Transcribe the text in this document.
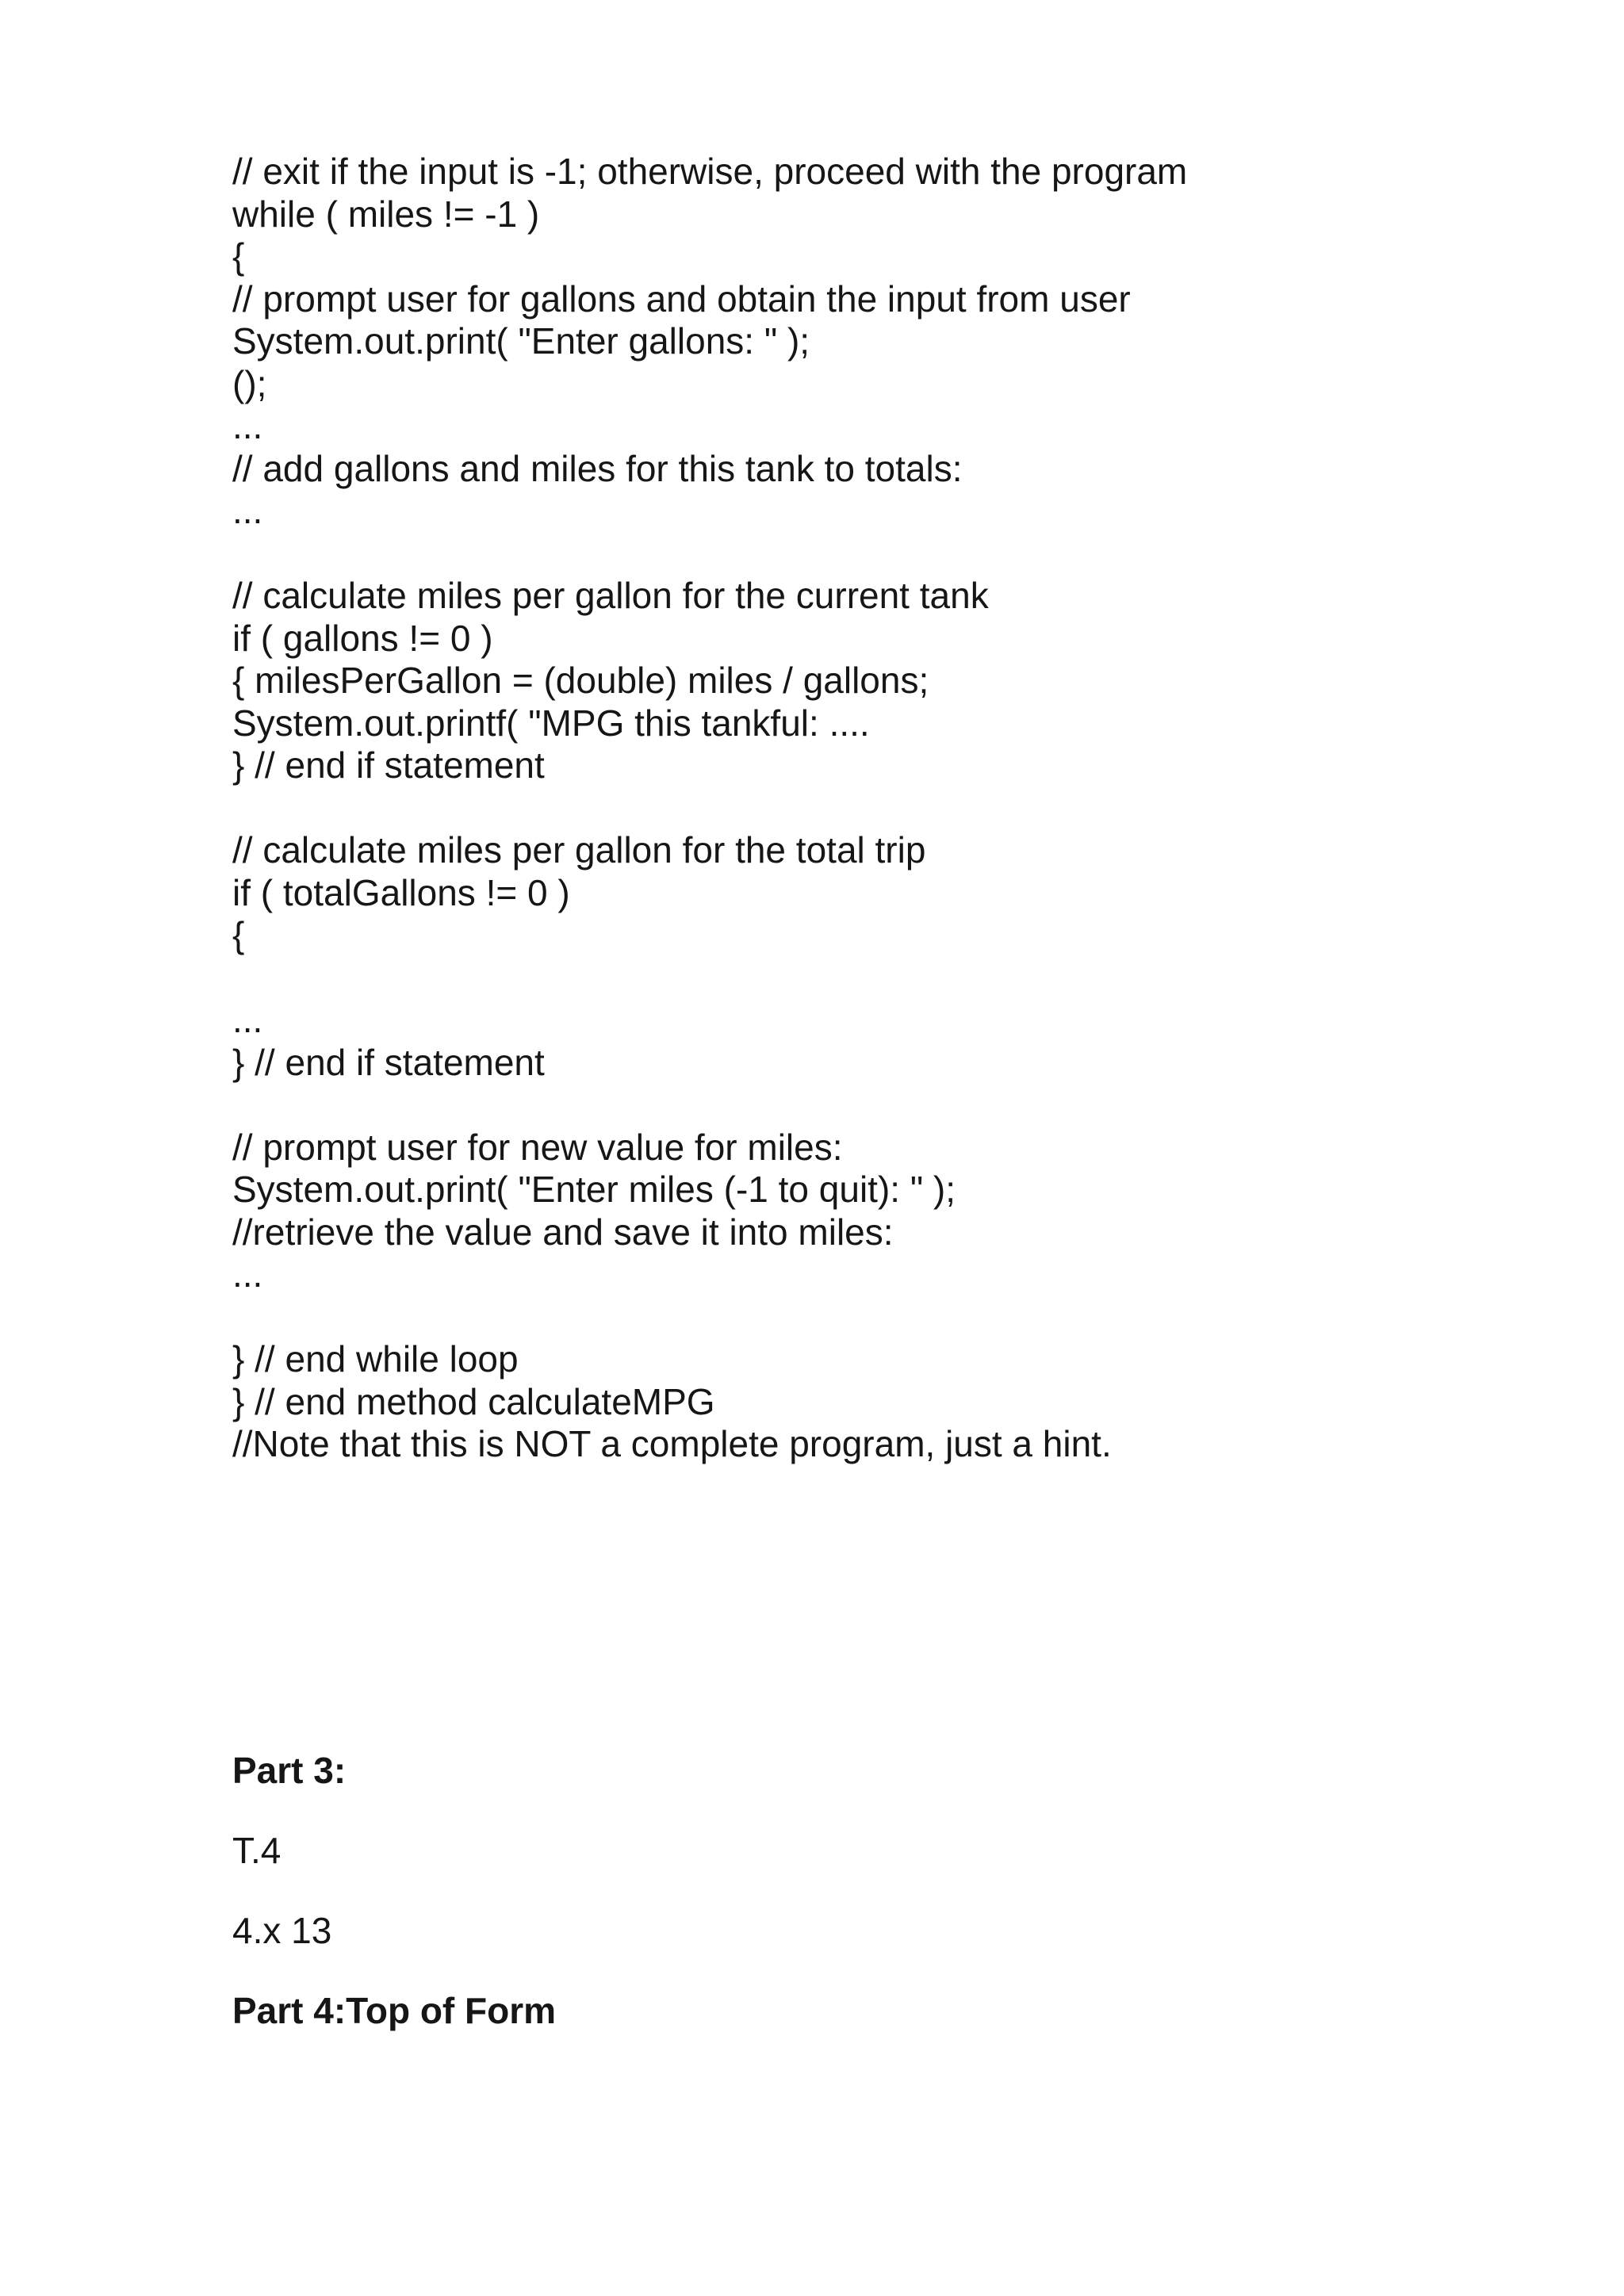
// exit if the input is -1; otherwise, proceed with the program
while ( miles != -1 )
{
// prompt user for gallons and obtain the input from user
System.out.print( "Enter gallons: " );
();
...
// add gallons and miles for this tank to totals:
...
// calculate miles per gallon for the current tank
if ( gallons != 0 )
{ milesPerGallon = (double) miles / gallons;
System.out.printf( "MPG this tankful: ....
} // end if statement
// calculate miles per gallon for the total trip
if ( totalGallons != 0 )
{
...
} // end if statement
// prompt user for new value for miles:
System.out.print( "Enter miles (-1 to quit): " );
//retrieve the value and save it into miles:
...
} // end while loop
} // end method calculateMPG
//Note that this is NOT a complete program, just a hint.
Part 3:
T.4
4.x 13
Part 4:Top of Form
